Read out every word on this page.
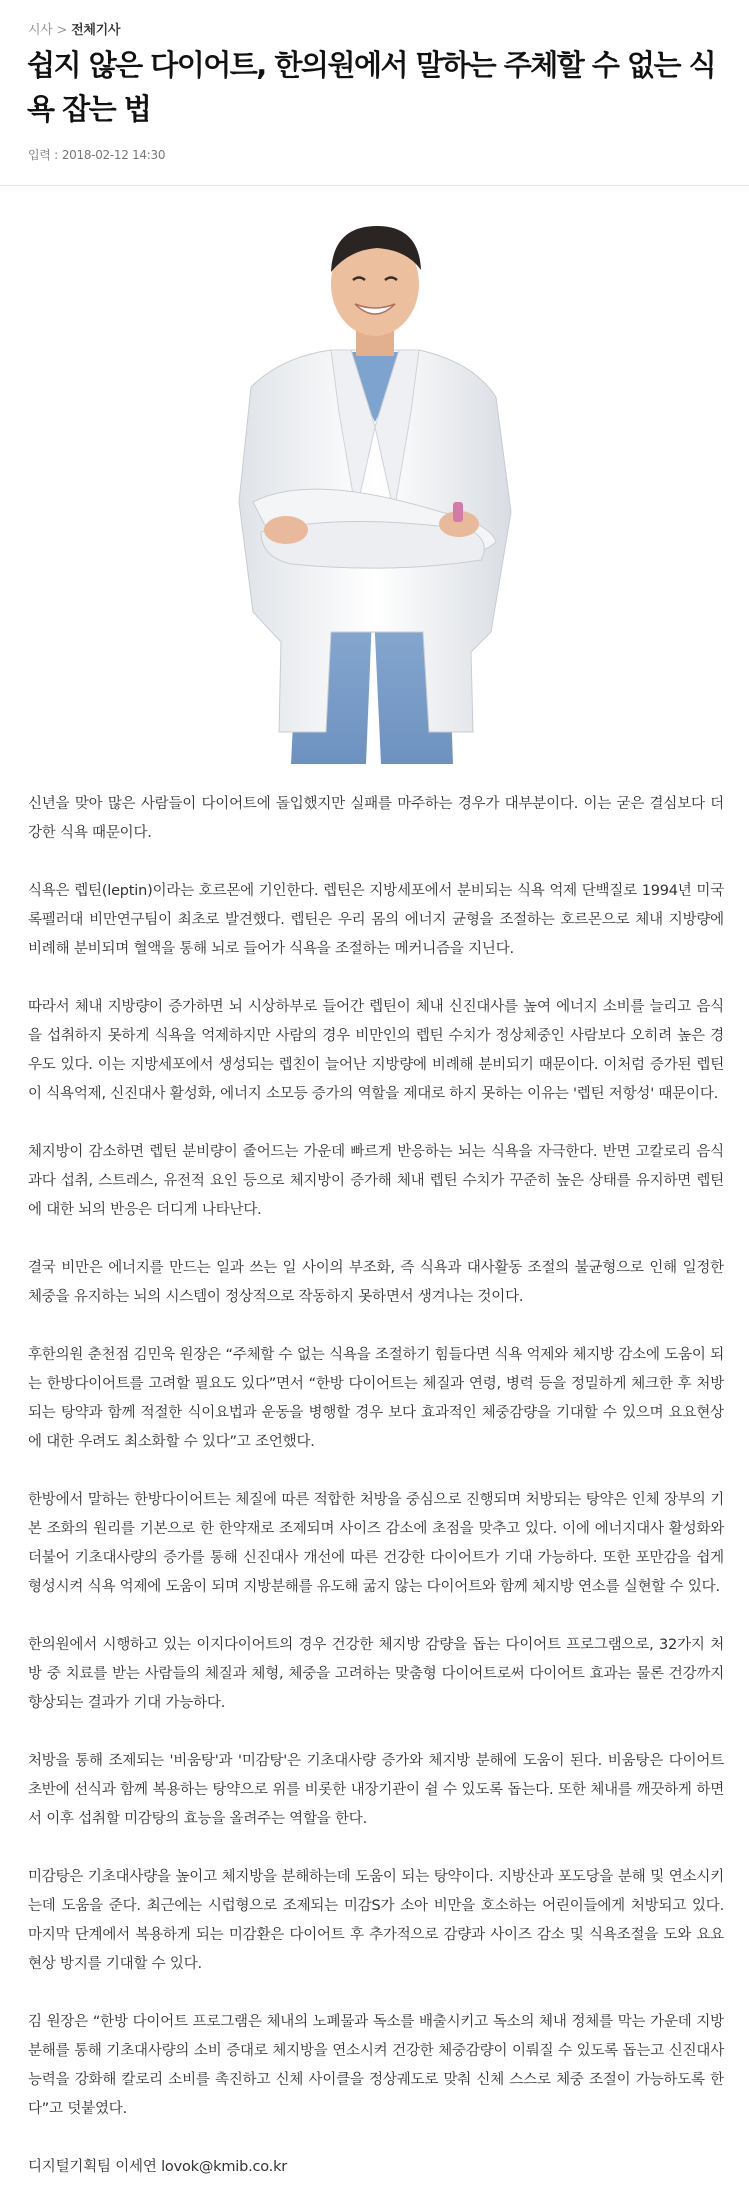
시사 > 전체기사
쉽지 않은 다이어트, 한의원에서 말하는 주체할 수 없는 식욕 잡는 법
입력 : 2018-02-12 14:30

신년을 맞아 많은 사람들이 다이어트에 돌입했지만 실패를 마주하는 경우가 대부분이다. 이는 굳은 결심보다 더 강한 식욕 때문이다.

식욕은 렙틴(leptin)이라는 호르몬에 기인한다. 렙틴은 지방세포에서 분비되는 식욕 억제 단백질로 1994년 미국 록펠러대 비만연구팀이 최초로 발견했다. 렙틴은 우리 몸의 에너지 균형을 조절하는 호르몬으로 체내 지방량에 비례해 분비되며 혈액을 통해 뇌로 들어가 식욕을 조절하는 메커니즘을 지닌다.

따라서 체내 지방량이 증가하면 뇌 시상하부로 들어간 렙틴이 체내 신진대사를 높여 에너지 소비를 늘리고 음식을 섭취하지 못하게 식욕을 억제하지만 사람의 경우 비만인의 렙틴 수치가 정상체중인 사람보다 오히려 높은 경우도 있다. 이는 지방세포에서 생성되는 렙친이 늘어난 지방량에 비례해 분비되기 때문이다. 이처럼 증가된 렙틴이 식욕억제, 신진대사 활성화, 에너지 소모등 증가의 역할을 제대로 하지 못하는 이유는 '렙틴 저항성' 때문이다.

체지방이 감소하면 렙틴 분비량이 줄어드는 가운데 빠르게 반응하는 뇌는 식욕을 자극한다. 반면 고칼로리 음식 과다 섭취, 스트레스, 유전적 요인 등으로 체지방이 증가해 체내 렙틴 수치가 꾸준히 높은 상태를 유지하면 렙틴에 대한 뇌의 반응은 더디게 나타난다.

결국 비만은 에너지를 만드는 일과 쓰는 일 사이의 부조화, 즉 식욕과 대사활동 조절의 불균형으로 인해 일정한 체중을 유지하는 뇌의 시스템이 정상적으로 작동하지 못하면서 생겨나는 것이다.

후한의원 춘천점 김민욱 원장은 “주체할 수 없는 식욕을 조절하기 힘들다면 식욕 억제와 체지방 감소에 도움이 되는 한방다이어트를 고려할 필요도 있다”면서 “한방 다이어트는 체질과 연령, 병력 등을 정밀하게 체크한 후 처방되는 탕약과 함께 적절한 식이요법과 운동을 병행할 경우 보다 효과적인 체중감량을 기대할 수 있으며 요요현상에 대한 우려도 최소화할 수 있다”고 조언했다.

한방에서 말하는 한방다이어트는 체질에 따른 적합한 처방을 중심으로 진행되며 처방되는 탕약은 인체 장부의 기본 조화의 원리를 기본으로 한 한약재로 조제되며 사이즈 감소에 초점을 맞추고 있다. 이에 에너지대사 활성화와 더불어 기초대사량의 증가를 통해 신진대사 개선에 따른 건강한 다이어트가 기대 가능하다. 또한 포만감을 쉽게 형성시켜 식욕 억제에 도움이 되며 지방분해를 유도해 굶지 않는 다이어트와 함께 체지방 연소를 실현할 수 있다.

한의원에서 시행하고 있는 이지다이어트의 경우 건강한 체지방 감량을 돕는 다이어트 프로그램으로, 32가지 처방 중 치료를 받는 사람들의 체질과 체형, 체중을 고려하는 맞춤형 다이어트로써 다이어트 효과는 물론 건강까지 향상되는 결과가 기대 가능하다.

처방을 통해 조제되는 '비움탕'과 '미감탕'은 기초대사량 증가와 체지방 분해에 도움이 된다. 비움탕은 다이어트 초반에 선식과 함께 복용하는 탕약으로 위를 비롯한 내장기관이 쉴 수 있도록 돕는다. 또한 체내를 깨끗하게 하면서 이후 섭취할 미감탕의 효능을 올려주는 역할을 한다.

미감탕은 기초대사량을 높이고 체지방을 분해하는데 도움이 되는 탕약이다. 지방산과 포도당을 분해 및 연소시키는데 도움을 준다. 최근에는 시럽형으로 조제되는 미감S가 소아 비만을 호소하는 어린이들에게 처방되고 있다. 마지막 단계에서 복용하게 되는 미감환은 다이어트 후 추가적으로 감량과 사이즈 감소 및 식욕조절을 도와 요요현상 방지를 기대할 수 있다.

김 원장은 “한방 다이어트 프로그램은 체내의 노폐물과 독소를 배출시키고 독소의 체내 정체를 막는 가운데 지방분해를 통해 기초대사량의 소비 증대로 체지방을 연소시켜 건강한 체중감량이 이뤄질 수 있도록 돕는고 신진대사 능력을 강화해 칼로리 소비를 촉진하고 신체 사이클을 정상궤도로 맞춰 신체 스스로 체중 조절이 가능하도록 한다”고 덧붙였다.

디지털기획팀 이세연 lovok@kmib.co.kr
